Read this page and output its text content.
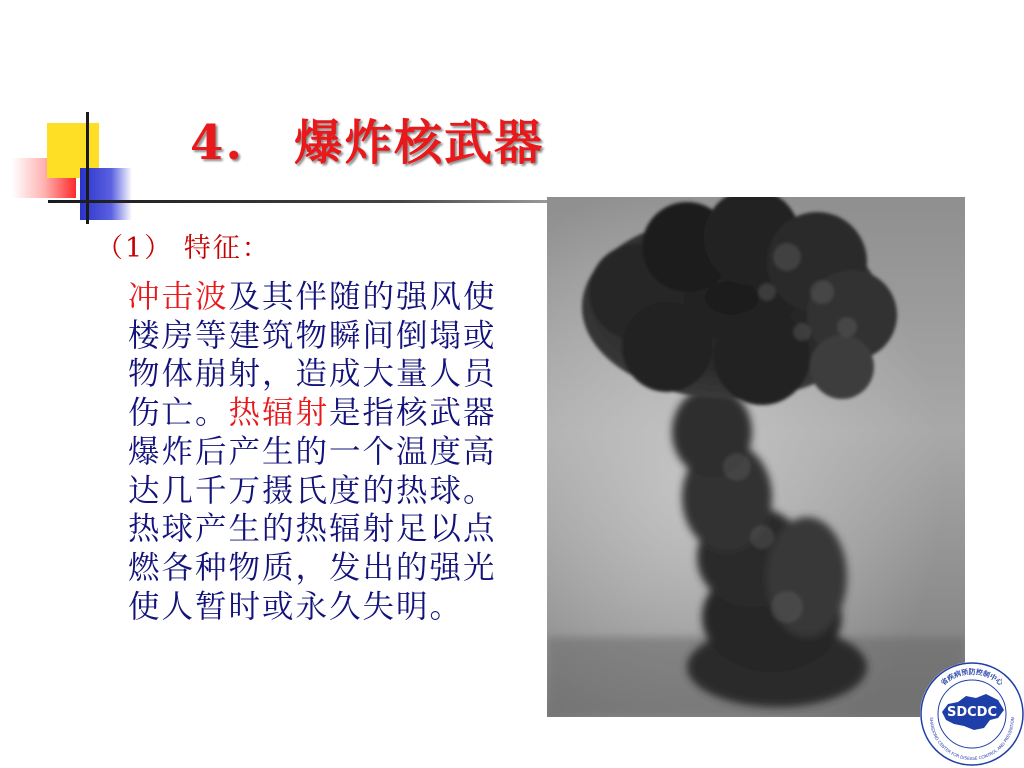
4.　爆炸核武器
（1） 特征：
冲击波及其伴随的强风使楼房等建筑物瞬间倒塌或物体崩射，造成大量人员伤亡。热辐射是指核武器爆炸后产生的一个温度高达几千万摄氏度的热球。热球产生的热辐射足以点燃各种物质，发出的强光使人暂时或永久失明。
省疾病预防控制中心
SHANDONG CENTER FOR DISEASE CONTROL AND PREVENTION
SDCDC
